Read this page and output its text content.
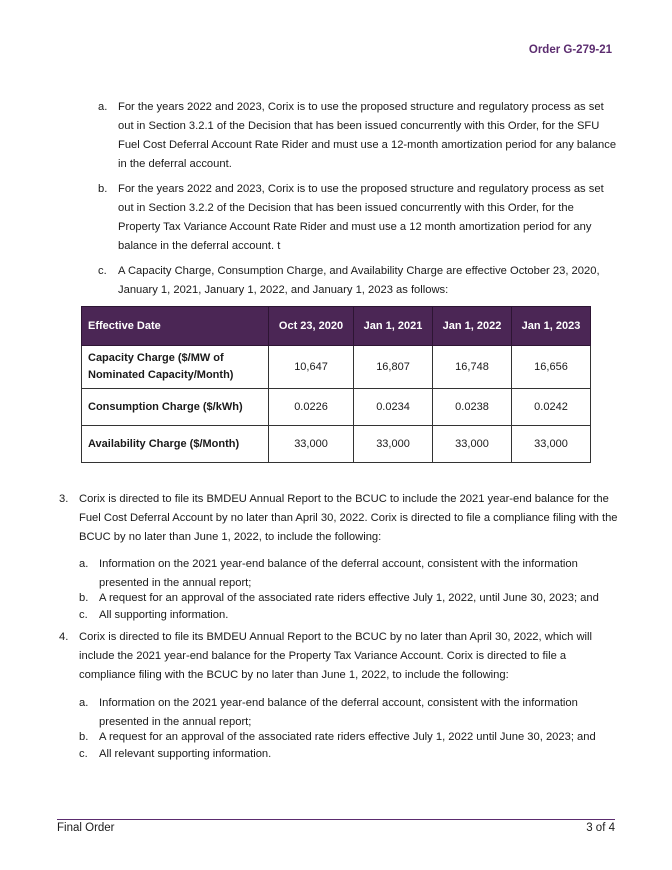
Order G-279-21
a. For the years 2022 and 2023, Corix is to use the proposed structure and regulatory process as set out in Section 3.2.1 of the Decision that has been issued concurrently with this Order, for the SFU Fuel Cost Deferral Account Rate Rider and must use a 12-month amortization period for any balance in the deferral account.
b. For the years 2022 and 2023, Corix is to use the proposed structure and regulatory process as set out in Section 3.2.2 of the Decision that has been issued concurrently with this Order, for the Property Tax Variance Account Rate Rider and must use a 12 month amortization period for any balance in the deferral account. t
c. A Capacity Charge, Consumption Charge, and Availability Charge are effective October 23, 2020, January 1, 2021, January 1, 2022, and January 1, 2023 as follows:
Effective Date	Oct 23, 2020	Jan 1, 2021	Jan 1, 2022	Jan 1, 2023
Capacity Charge ($/MW of Nominated Capacity/Month)	10,647	16,807	16,748	16,656
Consumption Charge ($/kWh)	0.0226	0.0234	0.0238	0.0242
Availability Charge ($/Month)	33,000	33,000	33,000	33,000
3. Corix is directed to file its BMDEU Annual Report to the BCUC to include the 2021 year-end balance for the Fuel Cost Deferral Account by no later than April 30, 2022. Corix is directed to file a compliance filing with the BCUC by no later than June 1, 2022, to include the following:
a. Information on the 2021 year-end balance of the deferral account, consistent with the information presented in the annual report;
b. A request for an approval of the associated rate riders effective July 1, 2022, until June 30, 2023; and
c. All supporting information.
4. Corix is directed to file its BMDEU Annual Report to the BCUC by no later than April 30, 2022, which will include the 2021 year-end balance for the Property Tax Variance Account. Corix is directed to file a compliance filing with the BCUC by no later than June 1, 2022, to include the following:
a. Information on the 2021 year-end balance of the deferral account, consistent with the information presented in the annual report;
b. A request for an approval of the associated rate riders effective July 1, 2022 until June 30, 2023; and
c. All relevant supporting information.
Final Order	3 of 4
